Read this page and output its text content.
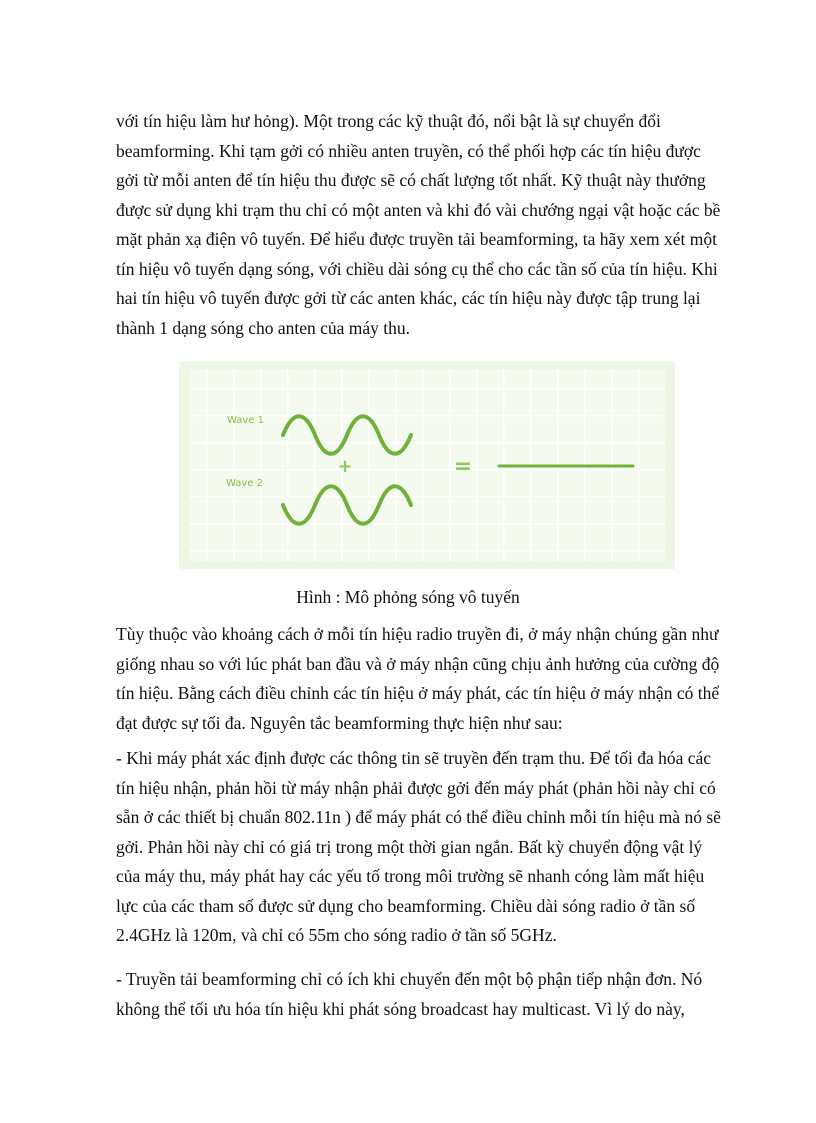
với tín hiệu làm hư hỏng). Một trong các kỹ thuật đó, nổi bật là sự chuyển đổi
beamforming. Khi tạm gởi có nhiều anten truyền, có thể phối hợp các tín hiệu được
gởi từ mỗi anten để tín hiệu thu được sẽ có chất lượng tốt nhất. Kỹ thuật này thưởng
được sử dụng khi trạm thu chỉ có một anten và khi đó vài chướng ngại vật hoặc các bề
mặt phản xạ điện vô tuyến. Để hiểu được truyền tải beamforming, ta hãy xem xét một
tín hiệu vô tuyến dạng sóng, với chiều dài sóng cụ thể cho các tần số của tín hiệu. Khi
hai tín hiệu vô tuyến được gởi từ các anten khác, các tín hiệu này được tập trung lại
thành 1 dạng sóng cho anten của máy thu.
Wave 1
Wave 2
+	=
Hình : Mô phỏng sóng vô tuyến
Tùy thuộc vào khoảng cách ở mỗi tín hiệu radio truyền đi, ở máy nhận chúng gần như
giống nhau so với lúc phát ban đầu và ở máy nhận cũng chịu ảnh hưởng của cường độ
tín hiệu. Bằng cách điều chỉnh các tín hiệu ở máy phát, các tín hiệu ở máy nhận có thể
đạt được sự tối đa. Nguyên tắc beamforming thực hiện như sau:
- Khi máy phát xác định được các thông tin sẽ truyền đến trạm thu. Để tối đa hóa các
tín hiệu nhận, phản hồi từ máy nhận phải được gởi đến máy phát (phản hồi này chỉ có
sẵn ở các thiết bị chuẩn 802.11n ) để máy phát có thể điều chỉnh mỗi tín hiệu mà nó sẽ
gởi. Phản hồi này chỉ có giá trị trong một thời gian ngắn. Bất kỳ chuyển động vật lý
của máy thu, máy phát hay các yếu tố trong môi trường sẽ nhanh cóng làm mất hiệu
lực của các tham số được sử dụng cho beamforming. Chiều dài sóng radio ở tần số
2.4GHz là 120m, và chỉ có 55m cho sóng radio ở tần số 5GHz.
- Truyền tải beamforming chỉ có ích khi chuyển đến một bộ phận tiếp nhận đơn. Nó
không thể tối ưu hóa tín hiệu khi phát sóng broadcast hay multicast. Vì lý do này,
